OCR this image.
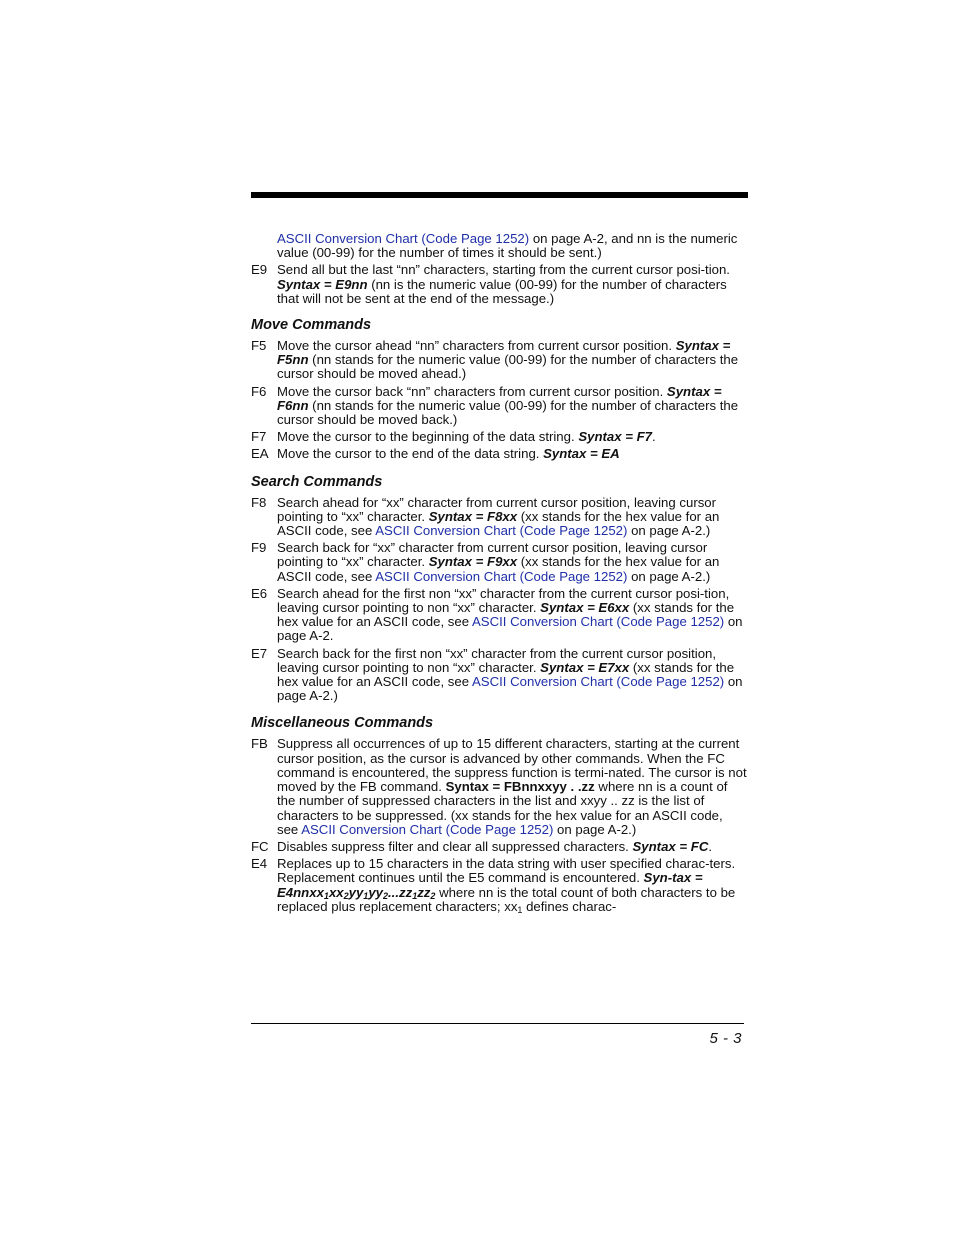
ASCII Conversion Chart (Code Page 1252) on page A-2, and nn is the numeric value (00-99) for the number of times it should be sent.)
E9 Send all but the last “nn” characters, starting from the current cursor posi-tion. Syntax = E9nn (nn is the numeric value (00-99) for the number of characters that will not be sent at the end of the message.)
Move Commands
F5 Move the cursor ahead “nn” characters from current cursor position. Syntax = F5nn (nn stands for the numeric value (00-99) for the number of characters the cursor should be moved ahead.)
F6 Move the cursor back “nn” characters from current cursor position. Syntax = F6nn (nn stands for the numeric value (00-99) for the number of characters the cursor should be moved back.)
F7 Move the cursor to the beginning of the data string. Syntax = F7.
EA Move the cursor to the end of the data string. Syntax = EA
Search Commands
F8 Search ahead for “xx” character from current cursor position, leaving cursor pointing to “xx” character. Syntax = F8xx (xx stands for the hex value for an ASCII code, see ASCII Conversion Chart (Code Page 1252) on page A-2.)
F9 Search back for “xx” character from current cursor position, leaving cursor pointing to “xx” character. Syntax = F9xx (xx stands for the hex value for an ASCII code, see ASCII Conversion Chart (Code Page 1252) on page A-2.)
E6 Search ahead for the first non “xx” character from the current cursor posi-tion, leaving cursor pointing to non “xx” character. Syntax = E6xx (xx stands for the hex value for an ASCII code, see ASCII Conversion Chart (Code Page 1252) on page A-2.
E7 Search back for the first non “xx” character from the current cursor position, leaving cursor pointing to non “xx” character. Syntax = E7xx (xx stands for the hex value for an ASCII code, see ASCII Conversion Chart (Code Page 1252) on page A-2.)
Miscellaneous Commands
FB Suppress all occurrences of up to 15 different characters, starting at the current cursor position, as the cursor is advanced by other commands. When the FC command is encountered, the suppress function is termi-nated. The cursor is not moved by the FB command. Syntax = FBnnxxyy . .zz where nn is a count of the number of suppressed characters in the list and xxyy .. zz is the list of characters to be suppressed. (xx stands for the hex value for an ASCII code, see ASCII Conversion Chart (Code Page 1252) on page A-2.)
FC Disables suppress filter and clear all suppressed characters. Syntax = FC.
E4 Replaces up to 15 characters in the data string with user specified charac-ters. Replacement continues until the E5 command is encountered. $Syn-tax = E4nnxx_1xx_2yy_1yy_2...zz_1zz_2$ where nn is the total count of both characters to be replaced plus replacement characters; $xx_1$ defines charac-
5 - 3
